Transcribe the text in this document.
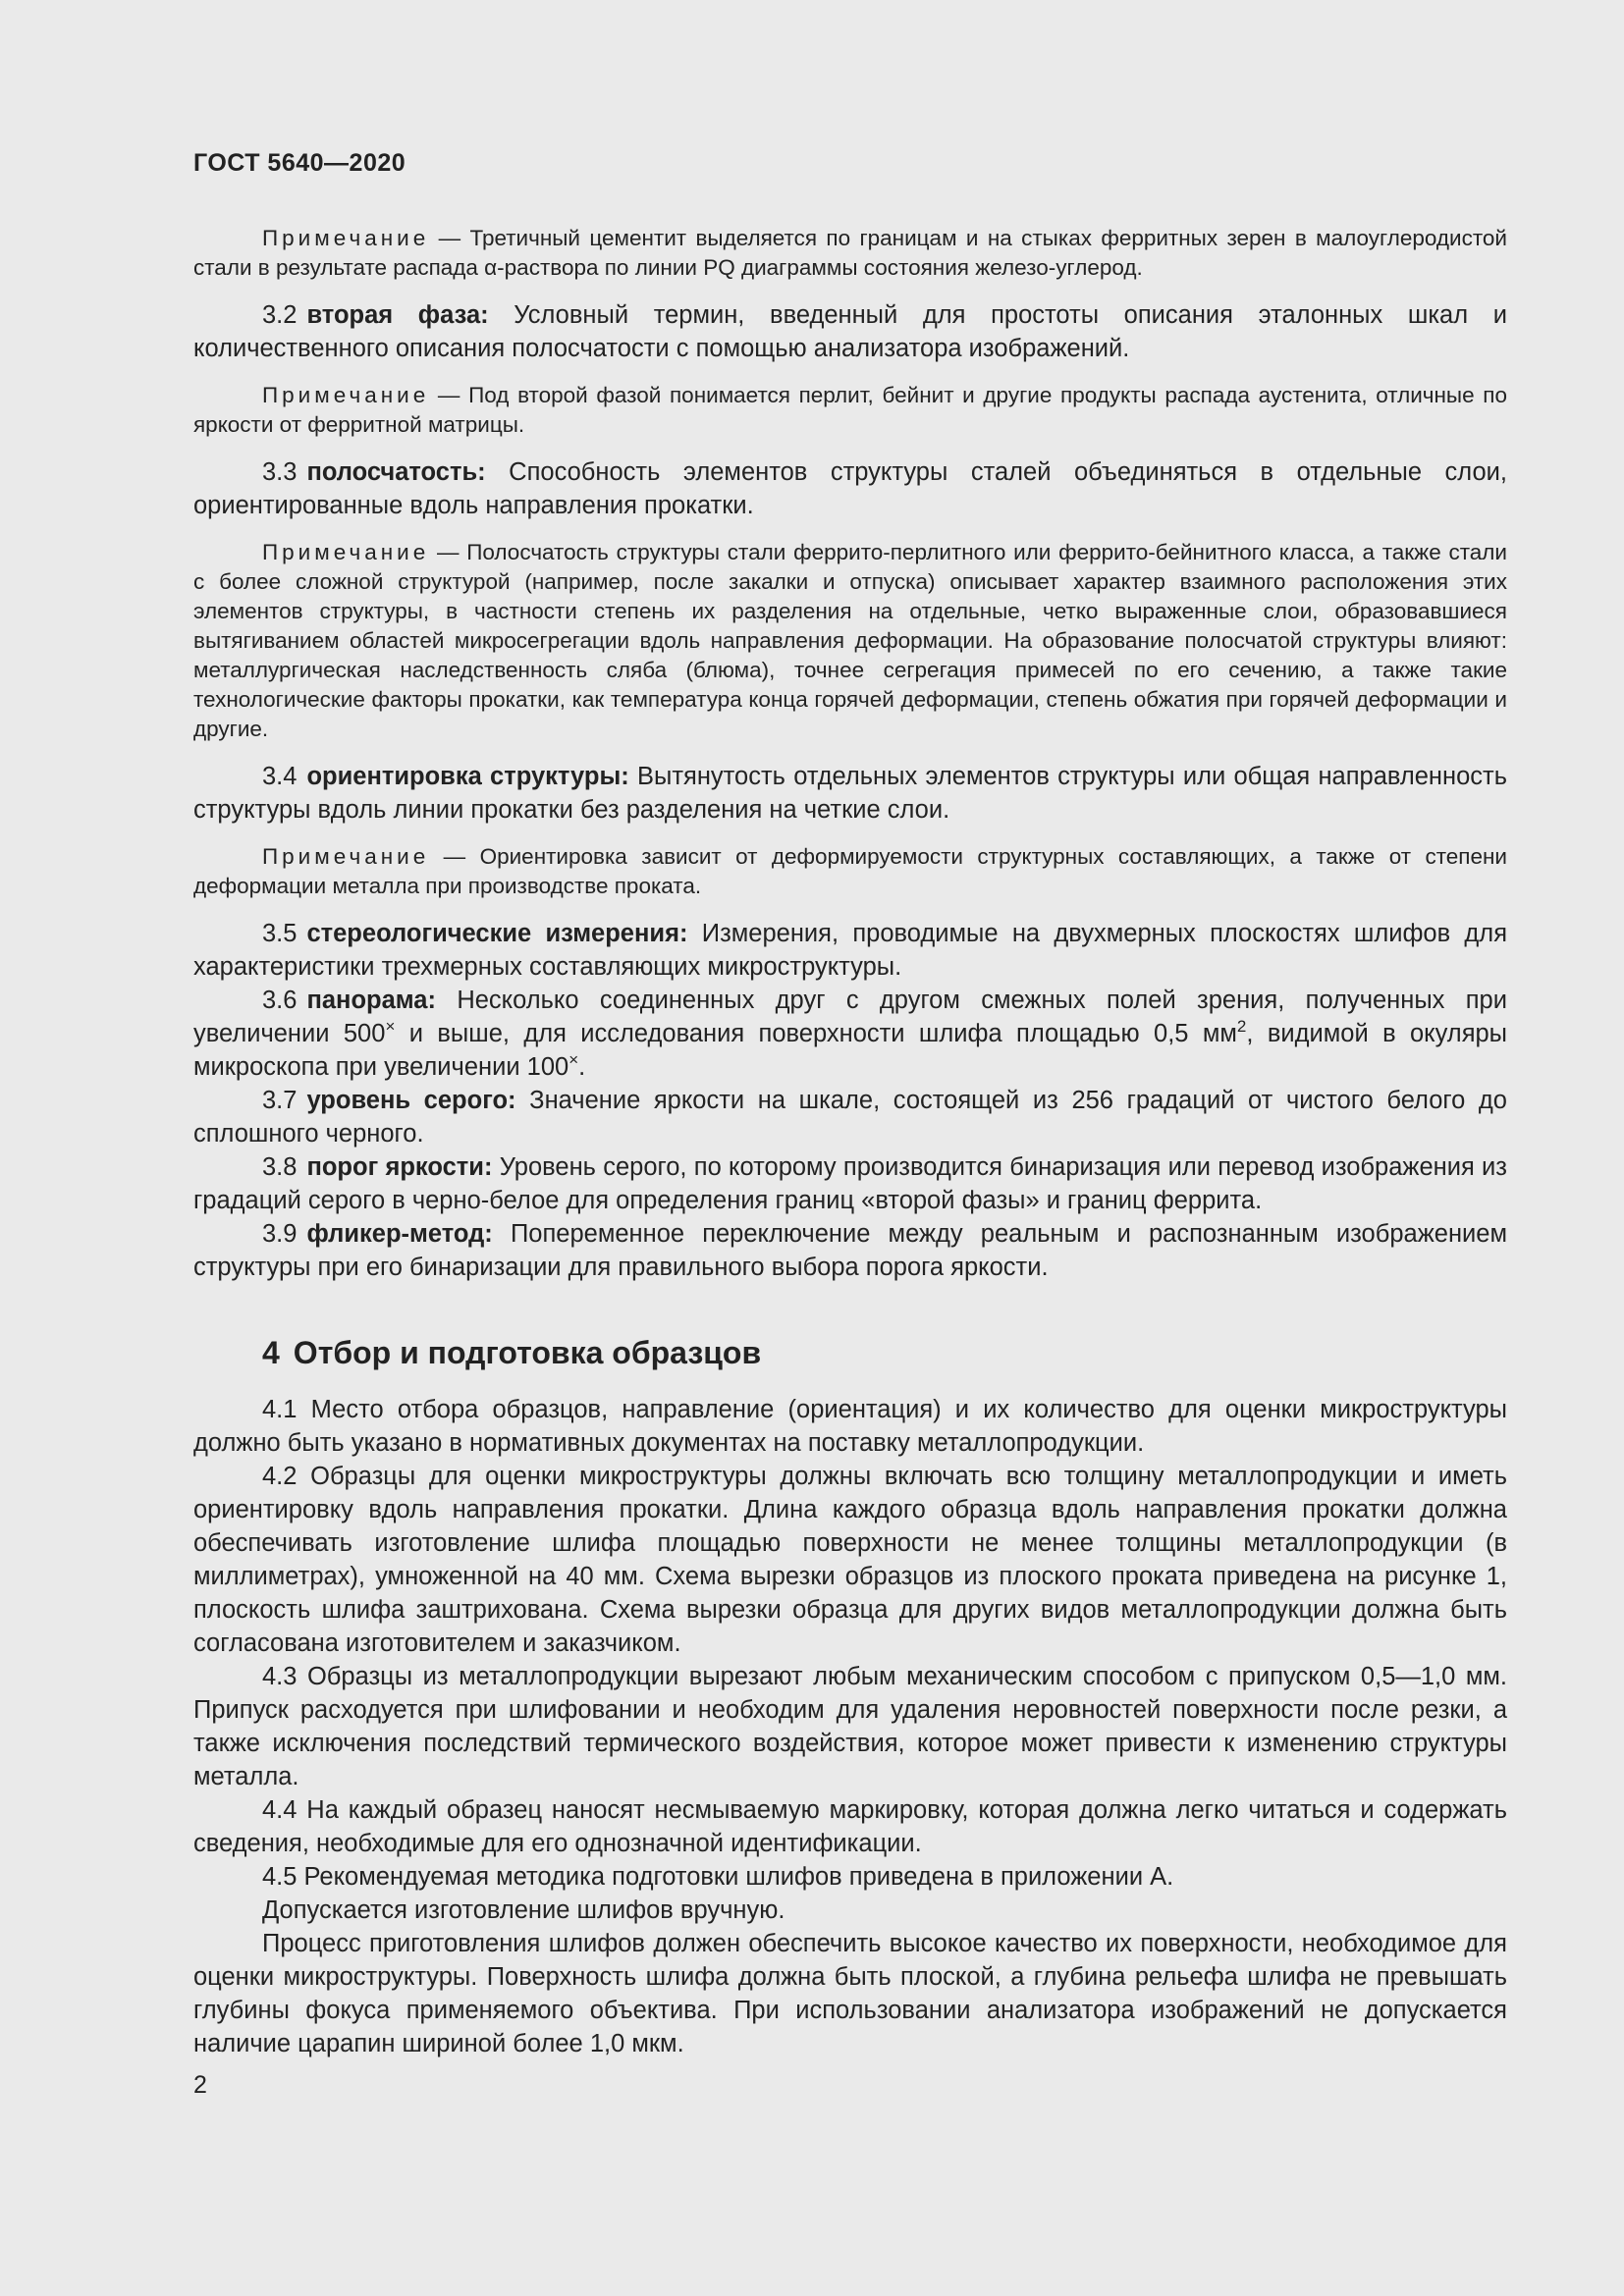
ГОСТ 5640—2020

Примечание — Третичный цементит выделяется по границам и на стыках ферритных зерен в малоуглеродистой стали в результате распада α-раствора по линии PQ диаграммы состояния железо-углерод.

3.2 вторая фаза: Условный термин, введенный для простоты описания эталонных шкал и количественного описания полосчатости с помощью анализатора изображений.

Примечание — Под второй фазой понимается перлит, бейнит и другие продукты распада аустенита, отличные по яркости от ферритной матрицы.

3.3 полосчатость: Способность элементов структуры сталей объединяться в отдельные слои, ориентированные вдоль направления прокатки.

Примечание — Полосчатость структуры стали феррито-перлитного или феррито-бейнитного класса, а также стали с более сложной структурой (например, после закалки и отпуска) описывает характер взаимного расположения этих элементов структуры, в частности степень их разделения на отдельные, четко выраженные слои, образовавшиеся вытягиванием областей микросегрегации вдоль направления деформации. На образование полосчатой структуры влияют: металлургическая наследственность сляба (блюма), точнее сегрегация примесей по его сечению, а также такие технологические факторы прокатки, как температура конца горячей деформации, степень обжатия при горячей деформации и другие.

3.4 ориентировка структуры: Вытянутость отдельных элементов структуры или общая направленность структуры вдоль линии прокатки без разделения на четкие слои.

Примечание — Ориентировка зависит от деформируемости структурных составляющих, а также от степени деформации металла при производстве проката.

3.5 стереологические измерения: Измерения, проводимые на двухмерных плоскостях шлифов для характеристики трехмерных составляющих микроструктуры.

3.6 панорама: Несколько соединенных друг с другом смежных полей зрения, полученных при увеличении 500× и выше, для исследования поверхности шлифа площадью 0,5 $мм^2$, видимой в окуляры микроскопа при увеличении 100×.

3.7 уровень серого: Значение яркости на шкале, состоящей из 256 градаций от чистого белого до сплошного черного.

3.8 порог яркости: Уровень серого, по которому производится бинаризация или перевод изображения из градаций серого в черно-белое для определения границ «второй фазы» и границ феррита.

3.9 фликер-метод: Попеременное переключение между реальным и распознанным изображением структуры при его бинаризации для правильного выбора порога яркости.

4 Отбор и подготовка образцов

4.1 Место отбора образцов, направление (ориентация) и их количество для оценки микроструктуры должно быть указано в нормативных документах на поставку металлопродукции.

4.2 Образцы для оценки микроструктуры должны включать всю толщину металлопродукции и иметь ориентировку вдоль направления прокатки. Длина каждого образца вдоль направления прокатки должна обеспечивать изготовление шлифа площадью поверхности не менее толщины металлопродукции (в миллиметрах), умноженной на 40 мм. Схема вырезки образцов из плоского проката приведена на рисунке 1, плоскость шлифа заштрихована. Схема вырезки образца для других видов металлопродукции должна быть согласована изготовителем и заказчиком.

4.3 Образцы из металлопродукции вырезают любым механическим способом с припуском 0,5—1,0 мм. Припуск расходуется при шлифовании и необходим для удаления неровностей поверхности после резки, а также исключения последствий термического воздействия, которое может привести к изменению структуры металла.

4.4 На каждый образец наносят несмываемую маркировку, которая должна легко читаться и содержать сведения, необходимые для его однозначной идентификации.

4.5 Рекомендуемая методика подготовки шлифов приведена в приложении А.

Допускается изготовление шлифов вручную.

Процесс приготовления шлифов должен обеспечить высокое качество их поверхности, необходимое для оценки микроструктуры. Поверхность шлифа должна быть плоской, а глубина рельефа шлифа не превышать глубины фокуса применяемого объектива. При использовании анализатора изображений не допускается наличие царапин шириной более 1,0 мкм.

2
